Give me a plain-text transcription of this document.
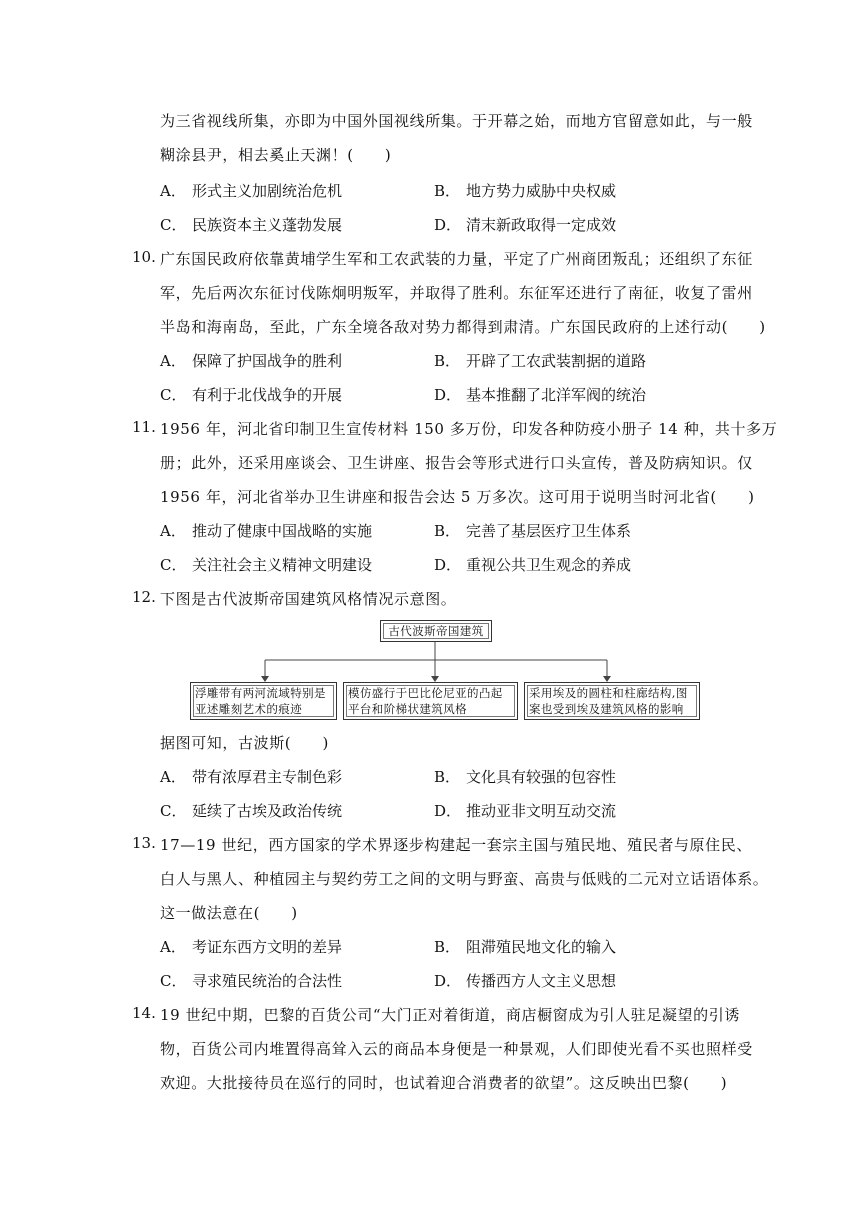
为三省视线所集，亦即为中国外国视线所集。于开幕之始，而地方官留意如此，与一般
糊涂县尹，相去奚止天渊！(　　)
A． 形式主义加剧统治危机	B． 地方势力威胁中央权威
C． 民族资本主义蓬勃发展	D． 清末新政取得一定成效
10. 广东国民政府依靠黄埔学生军和工农武装的力量，平定了广州商团叛乱；还组织了东征
军，先后两次东征讨伐陈炯明叛军，并取得了胜利。东征军还进行了南征，收复了雷州
半岛和海南岛，至此，广东全境各敌对势力都得到肃清。广东国民政府的上述行动(　　)
A． 保障了护国战争的胜利	B． 开辟了工农武装割据的道路
C． 有利于北伐战争的开展	D． 基本推翻了北洋军阀的统治
11. 1956 年，河北省印制卫生宣传材料 150 多万份，印发各种防疫小册子 14 种，共十多万
册；此外，还采用座谈会、卫生讲座、报告会等形式进行口头宣传，普及防病知识。仅
1956 年，河北省举办卫生讲座和报告会达 5 万多次。这可用于说明当时河北省(　　)
A． 推动了健康中国战略的实施	B． 完善了基层医疗卫生体系
C． 关注社会主义精神文明建设	D． 重视公共卫生观念的养成
12. 下图是古代波斯帝国建筑风格情况示意图。
古代波斯帝国建筑
浮雕带有两河流域特别是
亚述雕刻艺术的痕迹
模仿盛行于巴比伦尼亚的凸起
平台和阶梯状建筑风格
采用埃及的圆柱和柱廊结构,图
案也受到埃及建筑风格的影响
据图可知，古波斯(　　)
A． 带有浓厚君主专制色彩	B． 文化具有较强的包容性
C． 延续了古埃及政治传统	D． 推动亚非文明互动交流
13. 17—19 世纪，西方国家的学术界逐步构建起一套宗主国与殖民地、殖民者与原住民、
白人与黑人、种植园主与契约劳工之间的文明与野蛮、高贵与低贱的二元对立话语体系。
这一做法意在(　　)
A． 考证东西方文明的差异	B． 阻滞殖民地文化的输入
C． 寻求殖民统治的合法性	D． 传播西方人文主义思想
14. 19 世纪中期，巴黎的百货公司“大门正对着街道，商店橱窗成为引人驻足凝望的引诱
物，百货公司内堆置得高耸入云的商品本身便是一种景观，人们即使光看不买也照样受
欢迎。大批接待员在巡行的同时，也试着迎合消费者的欲望”。这反映出巴黎(　　)
